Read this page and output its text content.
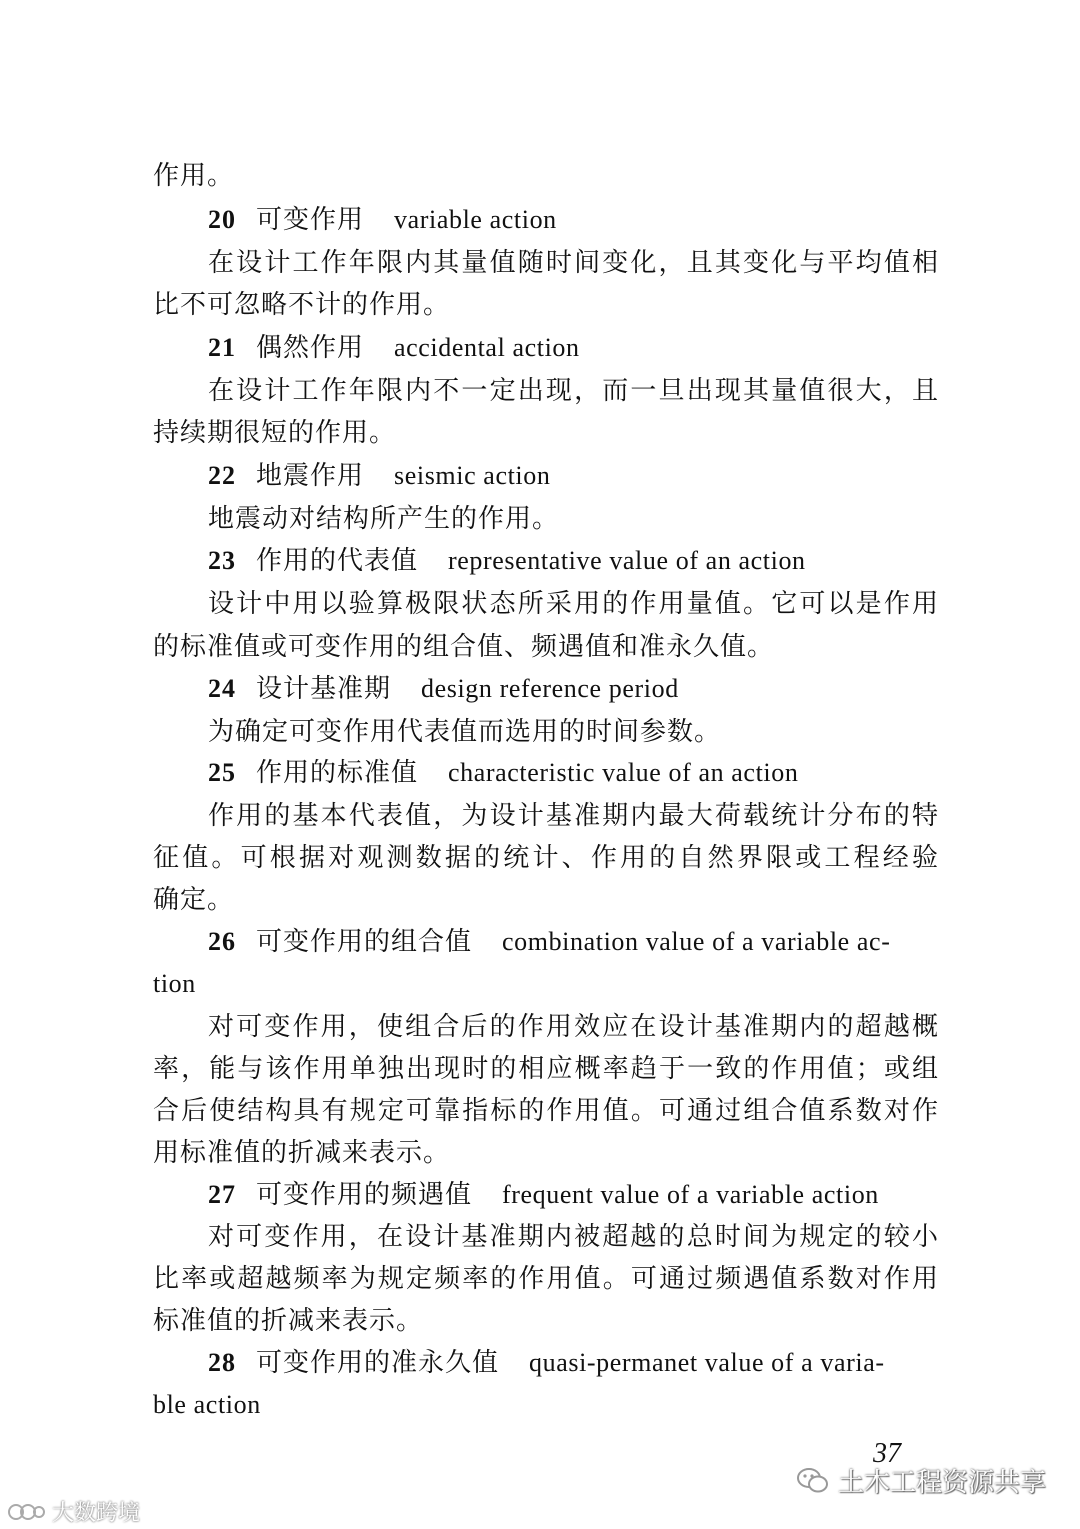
作用。
20 可变作用 variable action
在设计工作年限内其量值随时间变化，且其变化与平均值相
比不可忽略不计的作用。
21 偶然作用 accidental action
在设计工作年限内不一定出现，而一旦出现其量值很大，且
持续期很短的作用。
22 地震作用 seismic action
地震动对结构所产生的作用。
23 作用的代表值 representative value of an action
设计中用以验算极限状态所采用的作用量值。它可以是作用
的标准值或可变作用的组合值、频遇值和准永久值。
24 设计基准期 design reference period
为确定可变作用代表值而选用的时间参数。
25 作用的标准值 characteristic value of an action
作用的基本代表值，为设计基准期内最大荷载统计分布的特
征值。可根据对观测数据的统计、作用的自然界限或工程经验
确定。
26 可变作用的组合值 combination value of a variable ac-
tion
对可变作用，使组合后的作用效应在设计基准期内的超越概
率，能与该作用单独出现时的相应概率趋于一致的作用值；或组
合后使结构具有规定可靠指标的作用值。可通过组合值系数对作
用标准值的折减来表示。
27 可变作用的频遇值 frequent value of a variable action
对可变作用，在设计基准期内被超越的总时间为规定的较小
比率或超越频率为规定频率的作用值。可通过频遇值系数对作用
标准值的折减来表示。
28 可变作用的准永久值 quasi-permanet value of a varia-
ble action
37
土木工程资源共享
大数跨境
